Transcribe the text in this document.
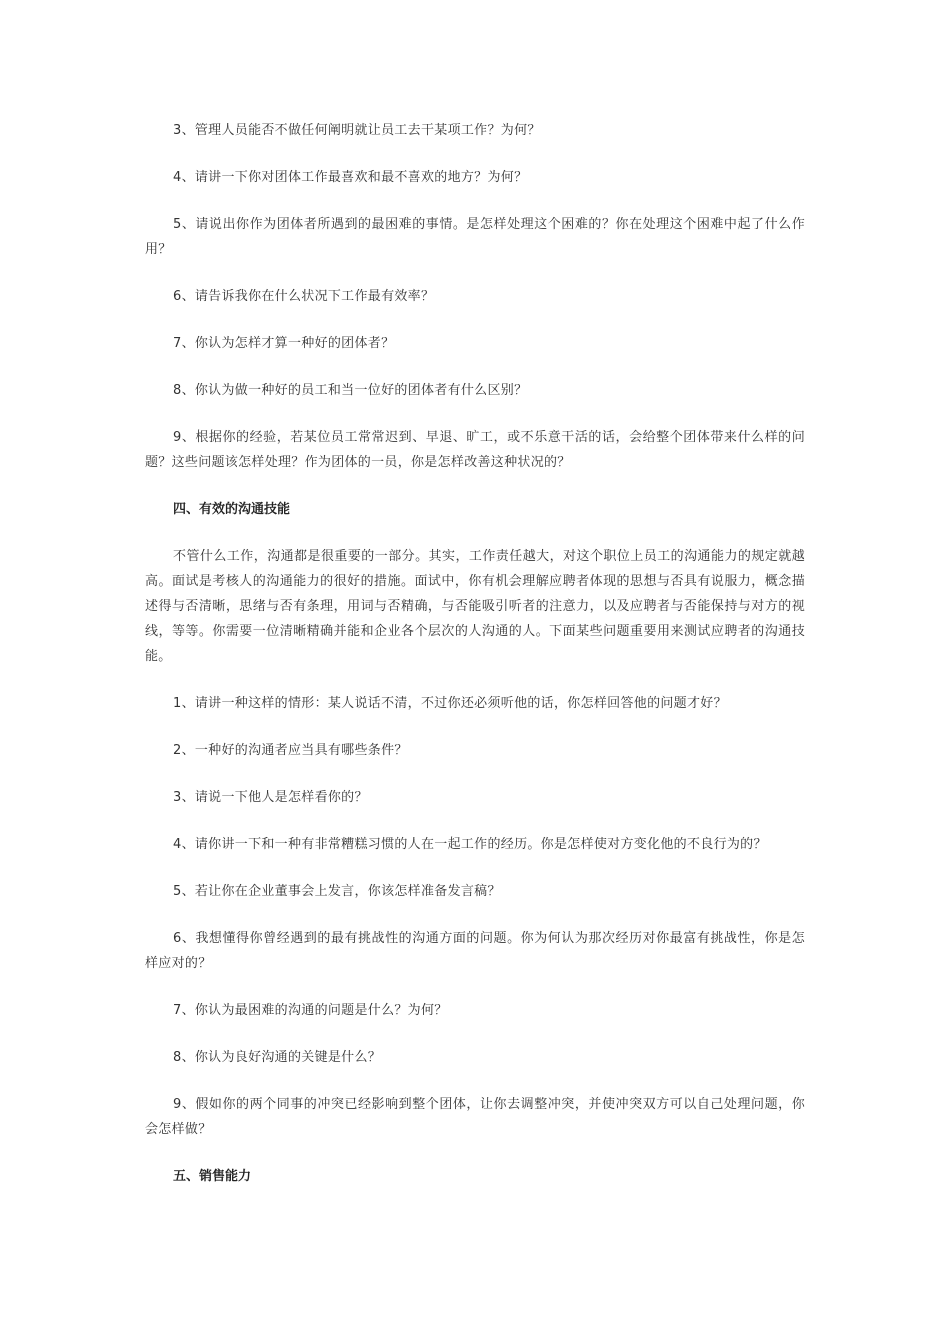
3、管理人员能否不做任何阐明就让员工去干某项工作？为何？

4、请讲一下你对团体工作最喜欢和最不喜欢的地方？为何？

5、请说出你作为团体者所遇到的最困难的事情。是怎样处理这个困难的？你在处理这个困难中起了什么作用？

6、请告诉我你在什么状况下工作最有效率？

7、你认为怎样才算一种好的团体者？

8、你认为做一种好的员工和当一位好的团体者有什么区别？

9、根据你的经验，若某位员工常常迟到、早退、旷工，或不乐意干活的话，会给整个团体带来什么样的问题？这些问题该怎样处理？作为团体的一员，你是怎样改善这种状况的？

四、有效的沟通技能

不管什么工作，沟通都是很重要的一部分。其实，工作责任越大，对这个职位上员工的沟通能力的规定就越高。面试是考核人的沟通能力的很好的措施。面试中，你有机会理解应聘者体现的思想与否具有说服力，概念描述得与否清晰，思绪与否有条理，用词与否精确，与否能吸引听者的注意力，以及应聘者与否能保持与对方的视线，等等。你需要一位清晰精确并能和企业各个层次的人沟通的人。下面某些问题重要用来测试应聘者的沟通技能。

1、请讲一种这样的情形：某人说话不清，不过你还必须听他的话，你怎样回答他的问题才好？

2、一种好的沟通者应当具有哪些条件？

3、请说一下他人是怎样看你的？

4、请你讲一下和一种有非常糟糕习惯的人在一起工作的经历。你是怎样使对方变化他的不良行为的？

5、若让你在企业董事会上发言，你该怎样准备发言稿？

6、我想懂得你曾经遇到的最有挑战性的沟通方面的问题。你为何认为那次经历对你最富有挑战性，你是怎样应对的？

7、你认为最困难的沟通的问题是什么？为何？

8、你认为良好沟通的关键是什么？

9、假如你的两个同事的冲突已经影响到整个团体，让你去调整冲突，并使冲突双方可以自己处理问题，你会怎样做？

五、销售能力
